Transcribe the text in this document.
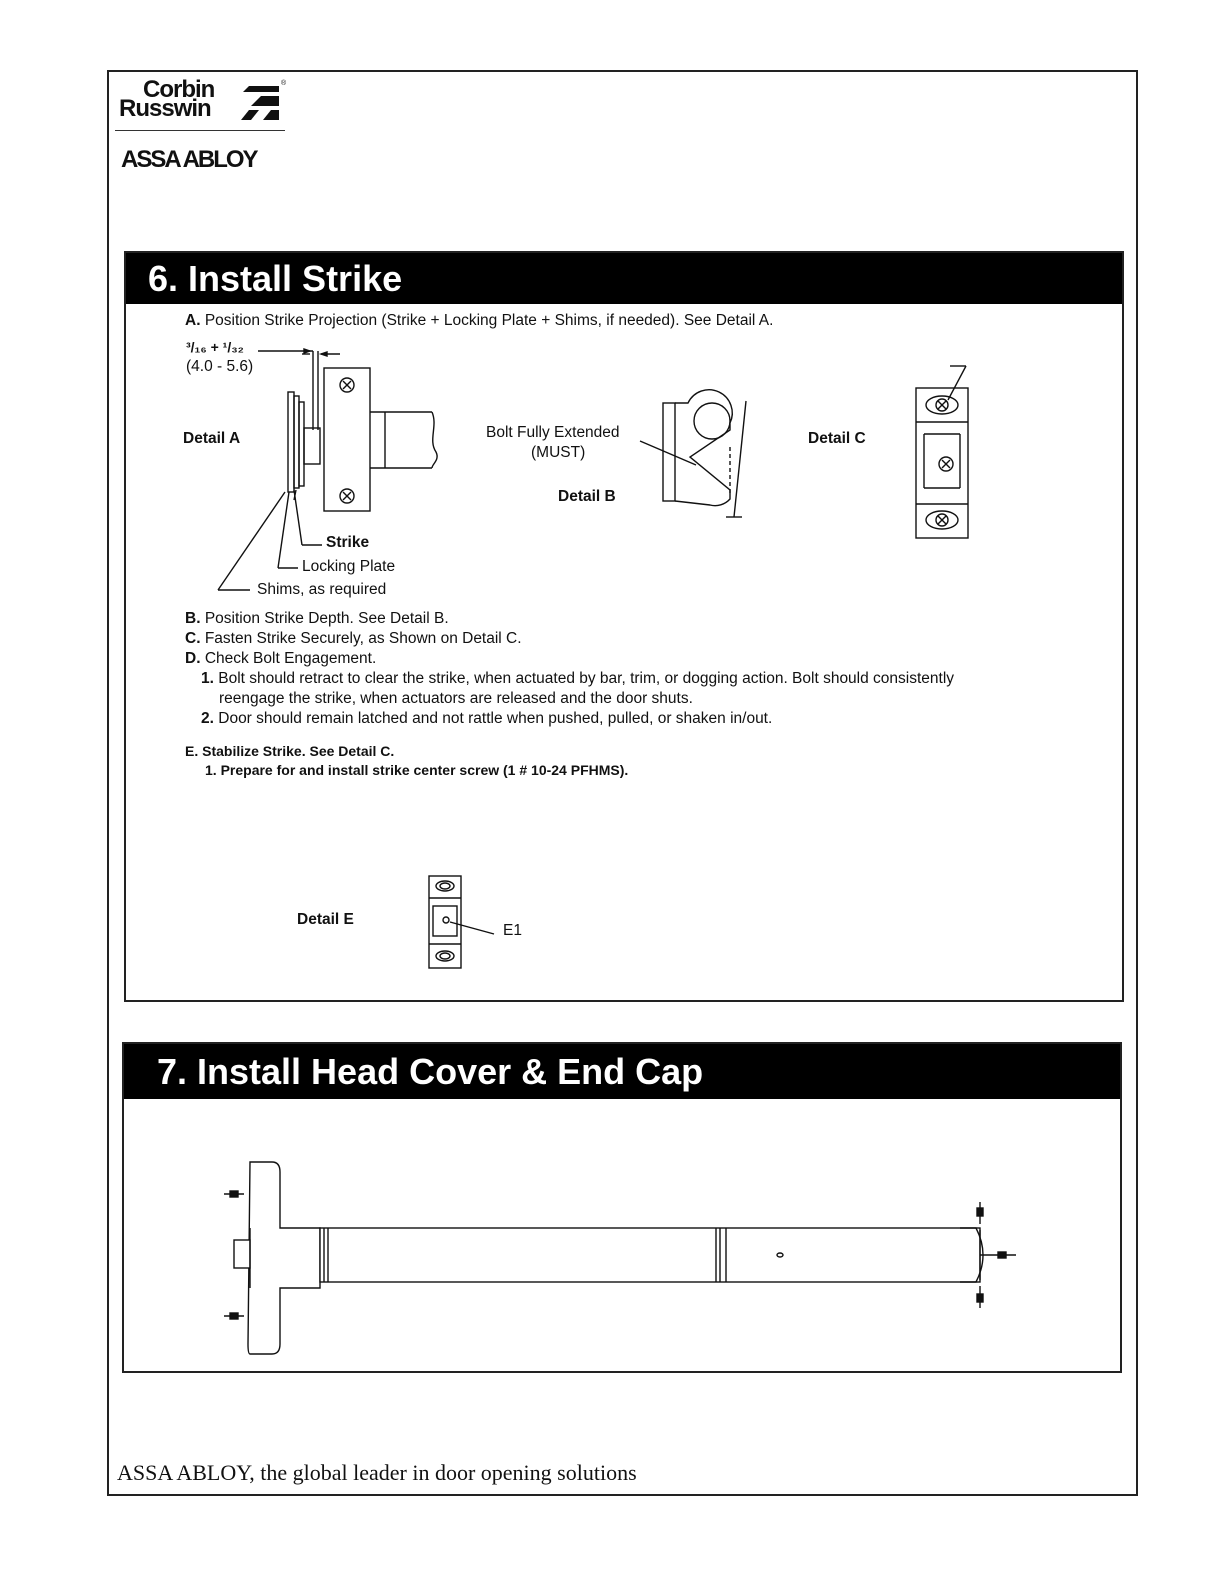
Corbin
Russwin
®
ASSA ABLOY
6. Install Strike
A. Position Strike Projection (Strike + Locking Plate + Shims, if needed). See Detail A.
³/₁₆ + ¹/₃₂
(4.0 - 5.6)
Detail A
Strike
Locking Plate
Shims, as required
Bolt Fully Extended
(MUST)
Detail B
Detail C
B. Position Strike Depth. See Detail B.
C. Fasten Strike Securely, as Shown on Detail C.
D. Check Bolt Engagement.
1. Bolt should retract to clear the strike, when actuated by bar, trim, or dogging action. Bolt should consistently
reengage the strike, when actuators are released and the door shuts.
2. Door should remain latched and not rattle when pushed, pulled, or shaken in/out.
E. Stabilize Strike. See Detail C.
1. Prepare for and install strike center screw (1 # 10-24 PFHMS).
Detail E
E1
7. Install Head Cover & End Cap
ASSA ABLOY, the global leader in door opening solutions
